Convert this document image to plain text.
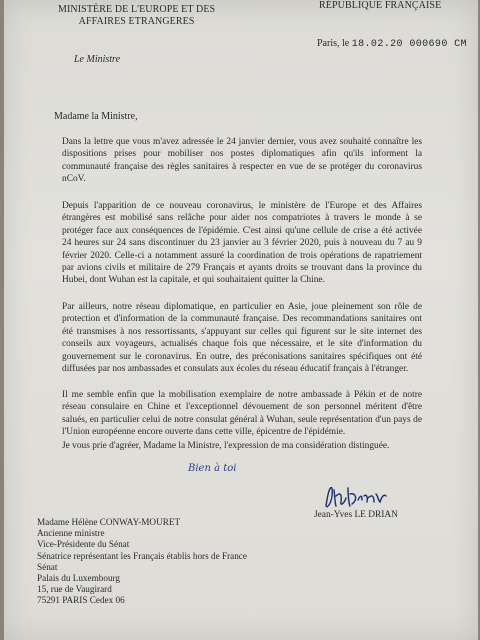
MINISTÈRE DE L'EUROPE ET DES
AFFAIRES ETRANGERES
RÉPUBLIQUE FRANÇAISE
Le Ministre
Paris, le 18.02.20 000690 CM
Madame la Ministre,
Dans la lettre que vous m'avez adressée le 24 janvier dernier, vous avez souhaité connaître les dispositions prises pour mobiliser nos postes diplomatiques afin qu'ils informent la communauté française des règles sanitaires à respecter en vue de se protéger du coronavirus nCoV.
Depuis l'apparition de ce nouveau coronavirus, le ministère de l'Europe et des Affaires étrangères est mobilisé sans relâche pour aider nos compatriotes à travers le monde à se protéger face aux conséquences de l'épidémie. C'est ainsi qu'une cellule de crise a été activée 24 heures sur 24 sans discontinuer du 23 janvier au 3 février 2020, puis à nouveau du 7 au 9 février 2020. Celle-ci a notamment assuré la coordination de trois opérations de rapatriement par avions civils et militaire de 279 Français et ayants droits se trouvant dans la province du Hubei, dont Wuhan est la capitale, et qui souhaitaient quitter la Chine.
Par ailleurs, notre réseau diplomatique, en particulier en Asie, joue pleinement son rôle de protection et d'information de la communauté française. Des recommandations sanitaires ont été transmises à nos ressortissants, s'appuyant sur celles qui figurent sur le site internet des conseils aux voyageurs, actualisés chaque fois que nécessaire, et le site d'information du gouvernement sur le coronavirus. En outre, des préconisations sanitaires spécifiques ont été diffusées par nos ambassades et consulats aux écoles du réseau éducatif français à l'étranger.
Il me semble enfin que la mobilisation exemplaire de notre ambassade à Pékin et de notre réseau consulaire en Chine et l'exceptionnel dévouement de son personnel méritent d'être salués, en particulier celui de notre consulat général à Wuhan, seule représentation d'un pays de l'Union européenne encore ouverte dans cette ville, épicentre de l'épidémie.
Je vous prie d'agréer, Madame la Ministre, l'expression de ma considération distinguée.
Bien à toi
Jean-Yves LE DRIAN
Madame Hélène CONWAY-MOURET
Ancienne ministre
Vice-Présidente du Sénat
Sénatrice représentant les Français établis hors de France
Sénat
Palais du Luxembourg
15, rue de Vaugirard
75291 PARIS Cedex 06
